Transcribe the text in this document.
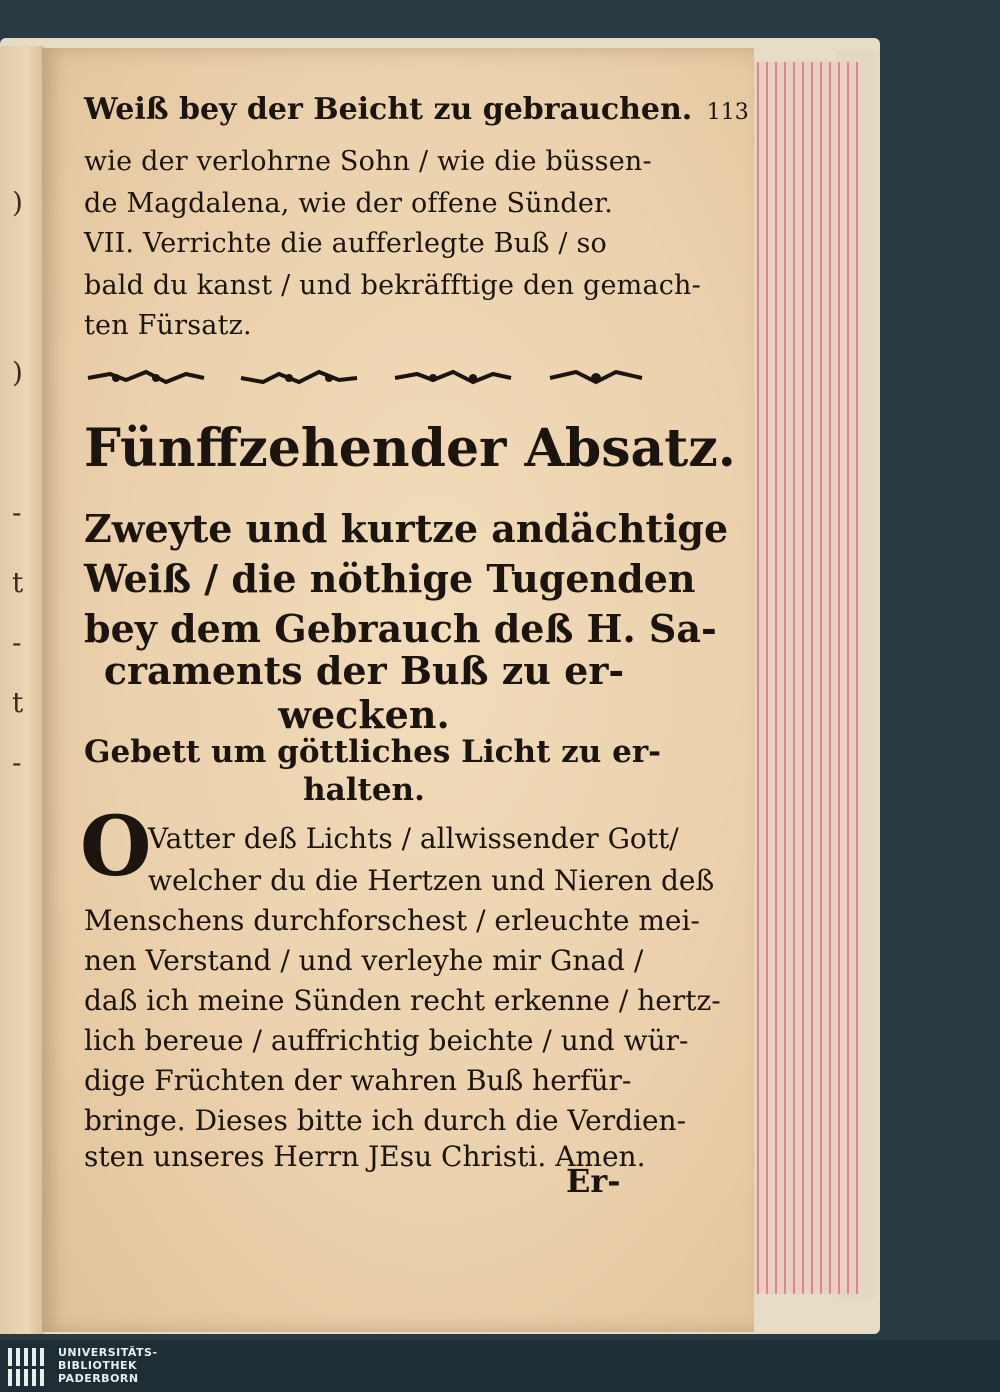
)
)
-
t
-
t
-
Weiß bey der Beicht zu gebrauchen. 113
wie der verlohrne Sohn / wie die büssen-
de Magdalena, wie der offene Sünder.
VII. Verrichte die aufferlegte Buß / so
bald du kanst / und bekräfftige den gemach-
ten Fürsatz.
Fünffzehender Absatz.
Zweyte und kurtze andächtige
Weiß / die nöthige Tugenden
bey dem Gebrauch deß H. Sa-
craments der Buß zu er-
wecken.
Gebett um göttliches Licht zu er-
halten.
O
Vatter deß Lichts / allwissender Gott/
welcher du die Hertzen und Nieren deß
Menschens durchforschest / erleuchte mei-
nen Verstand / und verleyhe mir Gnad /
daß ich meine Sünden recht erkenne / hertz-
lich bereue / auffrichtig beichte / und wür-
dige Früchten der wahren Buß herfür-
bringe. Dieses bitte ich durch die Verdien-
sten unseres Herrn JEsu Christi. Amen.
Er-
UNIVERSITÄTS-
BIBLIOTHEK
PADERBORN
